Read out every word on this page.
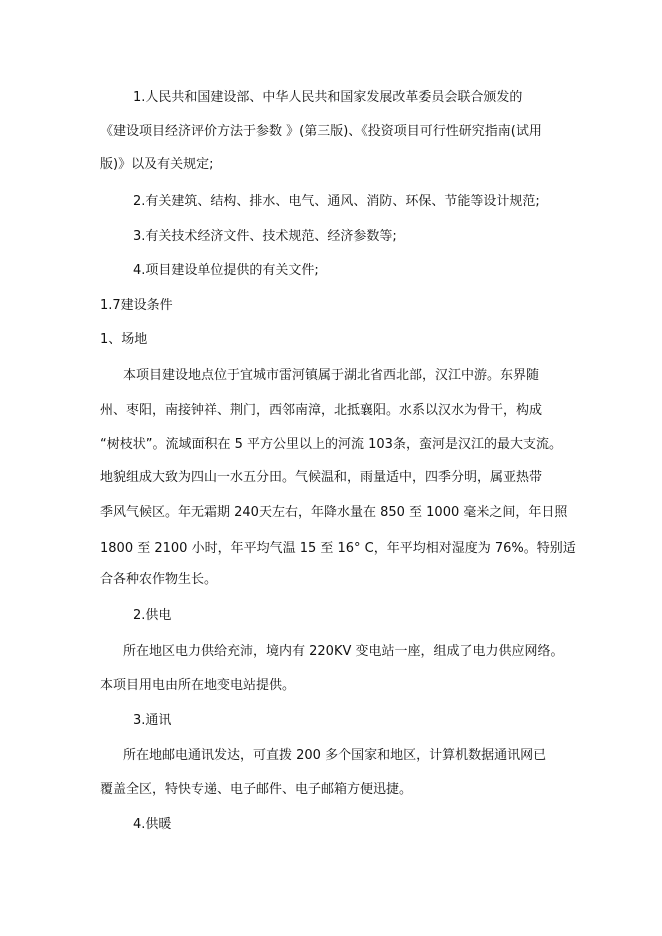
1.人民共和国建设部、中华人民共和国家发展改革委员会联合颁发的
《建设项目经济评价方法于参数 》(第三版)、《投资项目可行性研究指南(试用
版)》以及有关规定;
2.有关建筑、结构、排水、电气、通风、消防、环保、节能等设计规范;
3.有关技术经济文件、技术规范、经济参数等;
4.项目建设单位提供的有关文件;
1.7建设条件
1、场地
本项目建设地点位于宜城市雷河镇属于湖北省西北部，汉江中游。东界随
州、枣阳，南接钟祥、荆门，西邻南漳，北抵襄阳。水系以汉水为骨干，构成
“树枝状”。流域面积在 5 平方公里以上的河流 103条，蛮河是汉江的最大支流。
地貌组成大致为四山一水五分田。气候温和，雨量适中，四季分明，属亚热带
季风气候区。年无霜期 240天左右，年降水量在 850 至 1000 毫米之间，年日照
1800 至 2100 小时，年平均气温 15 至 16° C，年平均相对湿度为 76%。特别适
合各种农作物生长。
2.供电
所在地区电力供给充沛，境内有 220KV 变电站一座，组成了电力供应网络。
本项目用电由所在地变电站提供。
3.通讯
所在地邮电通讯发达，可直拨 200 多个国家和地区，计算机数据通讯网已
覆盖全区，特快专递、电子邮件、电子邮箱方便迅捷。
4.供暖
